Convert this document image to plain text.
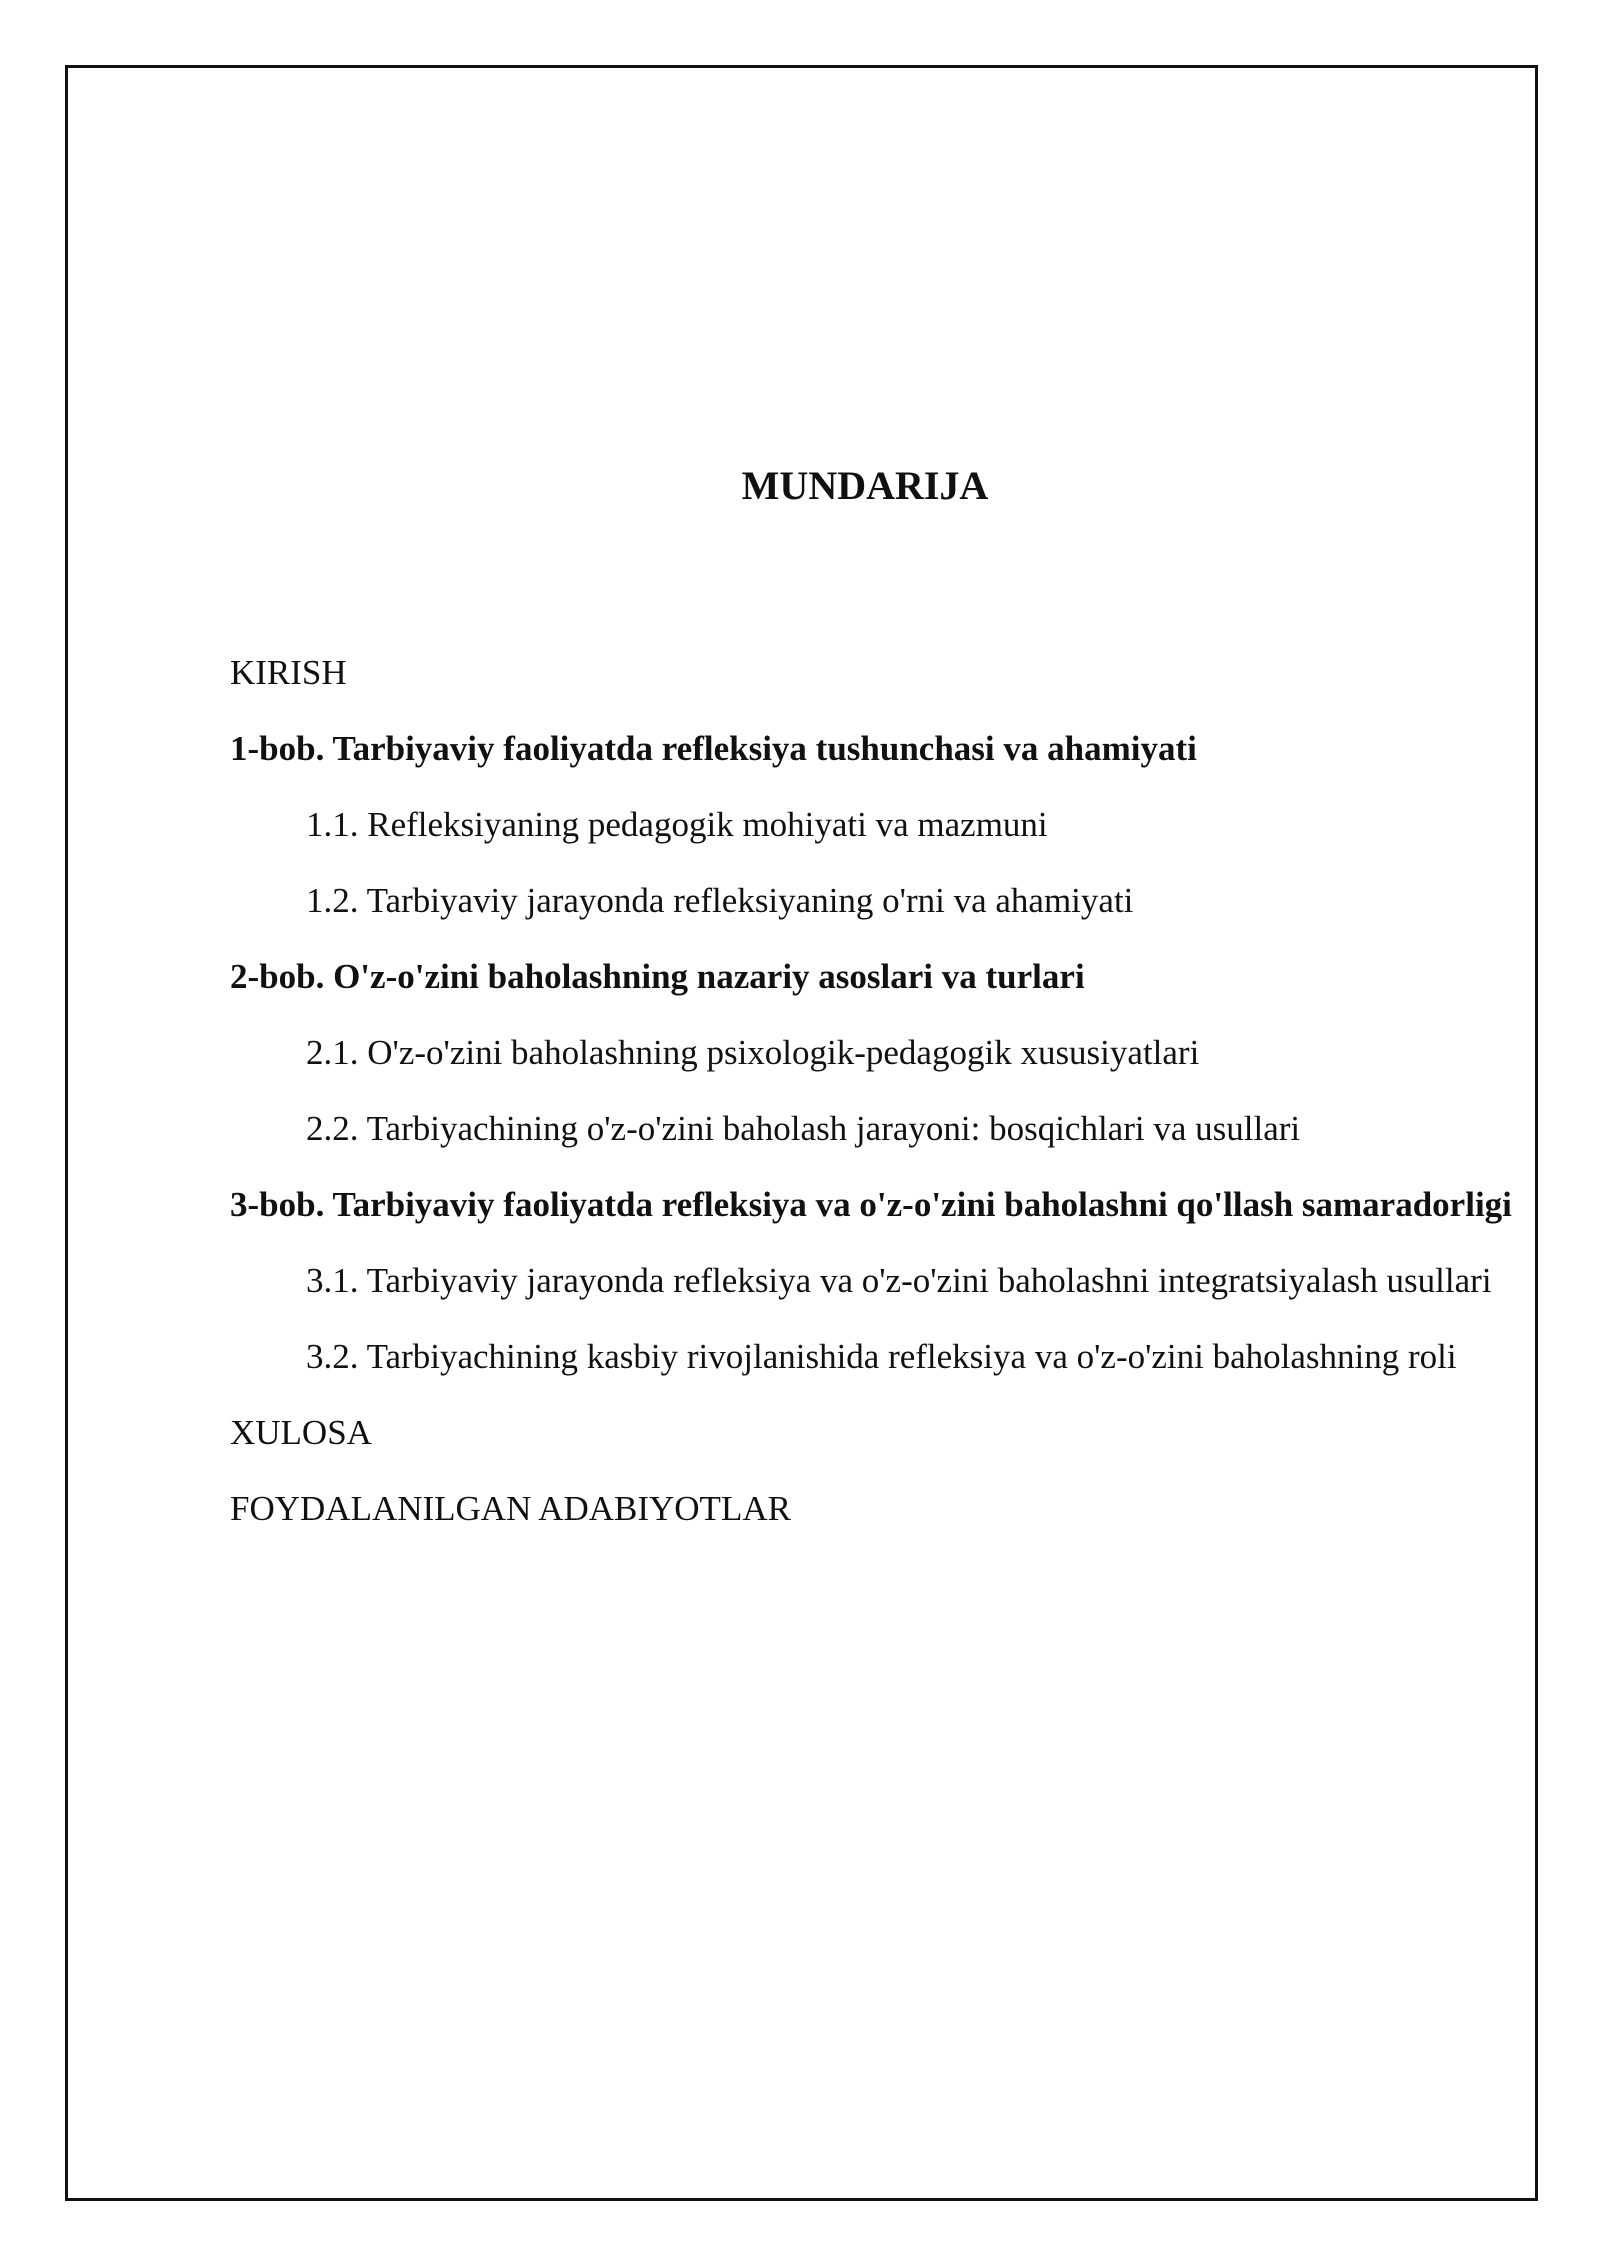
MUNDARIJA
KIRISH
1-bob. Tarbiyaviy faoliyatda refleksiya tushunchasi va ahamiyati
1.1. Refleksiyaning pedagogik mohiyati va mazmuni
1.2. Tarbiyaviy jarayonda refleksiyaning o'rni va ahamiyati
2-bob. O'z-o'zini baholashning nazariy asoslari va turlari
2.1. O'z-o'zini baholashning psixologik-pedagogik xususiyatlari
2.2. Tarbiyachining o'z-o'zini baholash jarayoni: bosqichlari va usullari
3-bob. Tarbiyaviy faoliyatda refleksiya va o'z-o'zini baholashni qo'llash samaradorligi
3.1. Tarbiyaviy jarayonda refleksiya va o'z-o'zini baholashni integratsiyalash usullari
3.2. Tarbiyachining kasbiy rivojlanishida refleksiya va o'z-o'zini baholashning roli
XULOSA
FOYDALANILGAN ADABIYOTLAR
